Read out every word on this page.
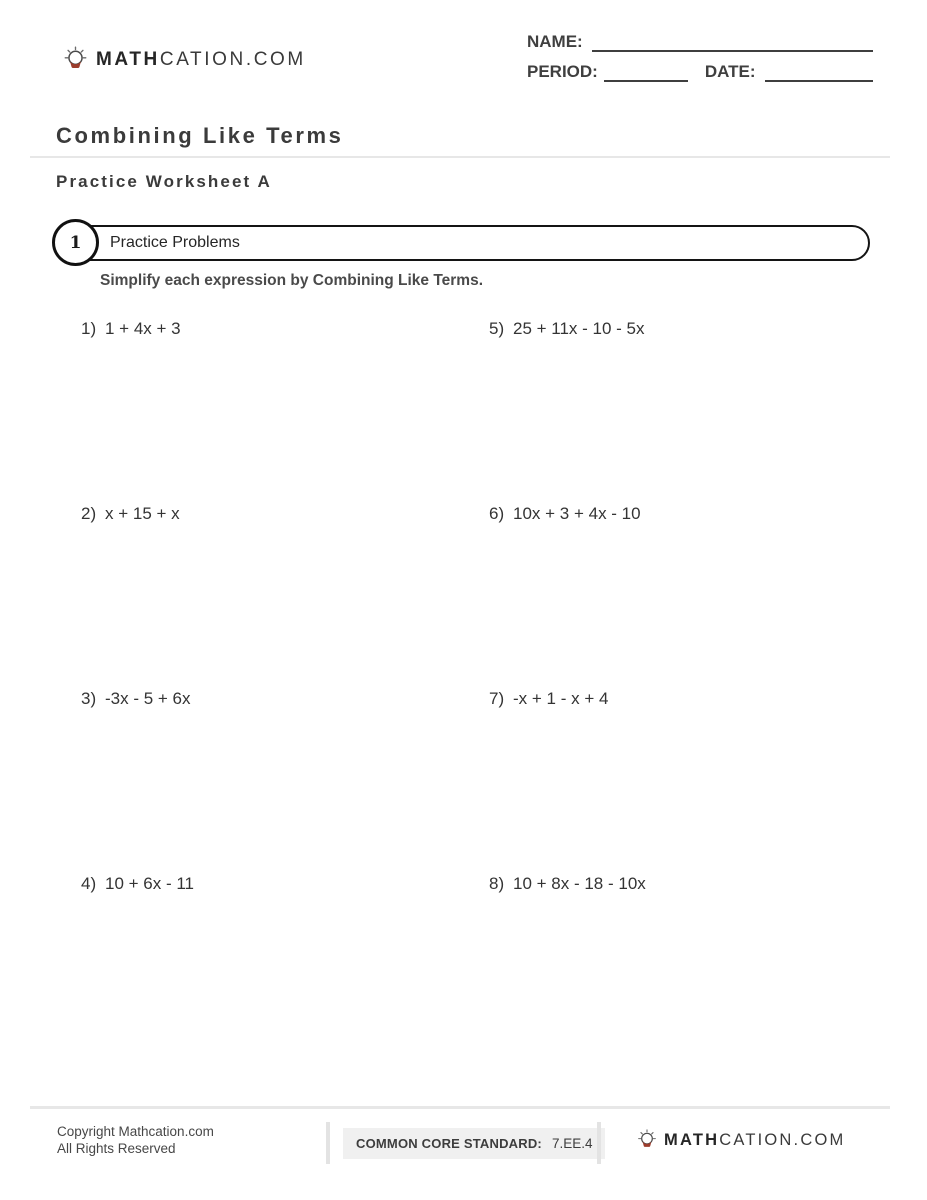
MATHCATION.COM
NAME:
PERIOD:	DATE:
Combining Like Terms
Practice Worksheet A
Practice Problems
1

Simplify each expression by Combining Like Terms.

1) 1 + 4x + 3	5) 25 + 11x - 10 - 5x
2) x + 15 + x	6) 10x + 3 + 4x - 10
3) -3x - 5 + 6x	7) -x + 1 - x + 4
4) 10 + 6x - 11	8) 10 + 8x - 18 - 10x
Copyright Mathcation.com
All Rights Reserved	COMMON CORE STANDARD: 7.EE.4	MATHCATION.COM
